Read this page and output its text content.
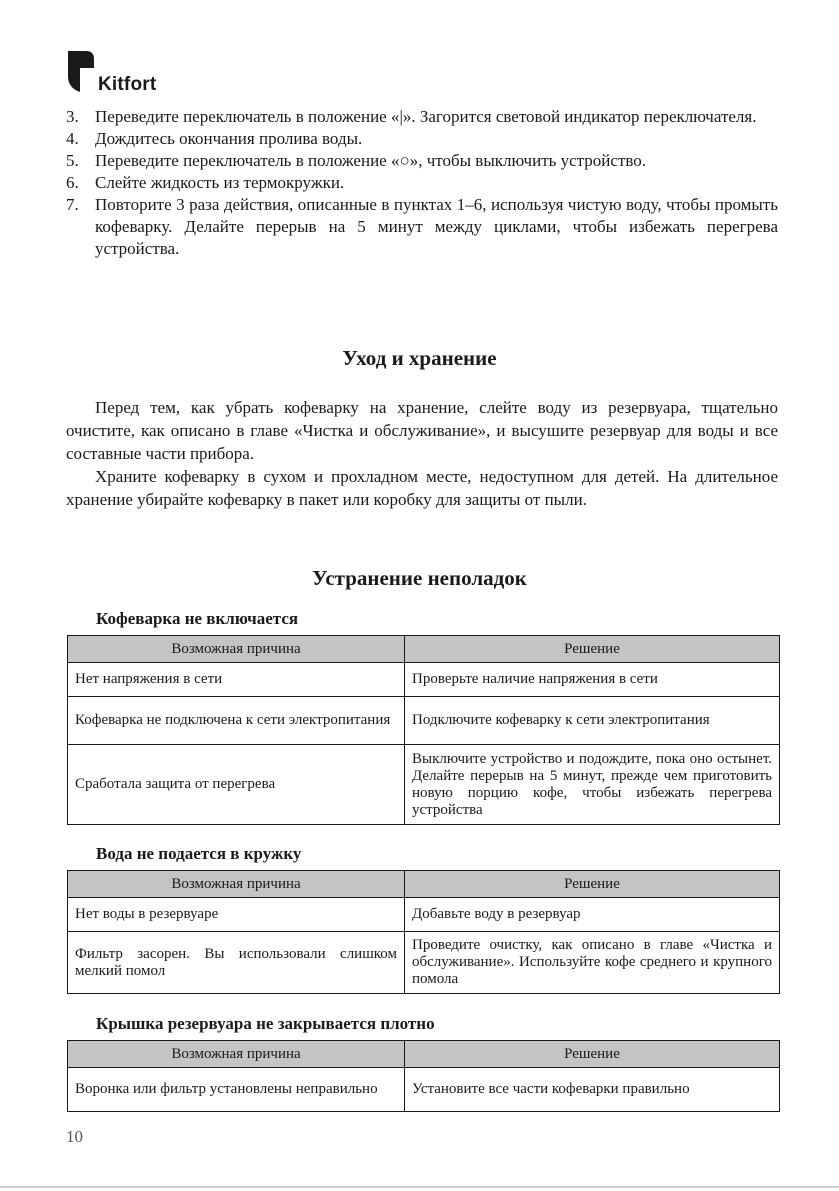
Kitfort
3. Переведите переключатель в положение «|». Загорится световой индикатор переключателя.
4. Дождитесь окончания пролива воды.
5. Переведите переключатель в положение «○», чтобы выключить устройство.
6. Слейте жидкость из термокружки.
7. Повторите 3 раза действия, описанные в пунктах 1–6, используя чистую воду, чтобы промыть кофеварку. Делайте перерыв на 5 минут между циклами, чтобы избежать перегрева устройства.
Уход и хранение

Перед тем, как убрать кофеварку на хранение, слейте воду из резервуара, тщательно очистите, как описано в главе «Чистка и обслуживание», и высушите резервуар для воды и все составные части прибора.

Храните кофеварку в сухом и прохладном месте, недоступном для детей. На длительное хранение убирайте кофеварку в пакет или коробку для защиты от пыли.

Устранение неполадок
Кофеварка не включается
Возможная причина	Решение
Нет напряжения в сети	Проверьте наличие напряжения в сети
Кофеварка не подключена к сети электропитания	Подключите кофеварку к сети электропитания
Сработала защита от перегрева	Выключите устройство и подождите, пока оно остынет. Делайте перерыв на 5 минут, прежде чем приготовить новую порцию кофе, чтобы избежать перегрева устройства
Вода не подается в кружку
Возможная причина	Решение
Нет воды в резервуаре	Добавьте воду в резервуар
Фильтр засорен. Вы использовали слишком мелкий помол	Проведите очистку, как описано в главе «Чистка и обслуживание». Используйте кофе среднего и крупного помола
Крышка резервуара не закрывается плотно
Возможная причина	Решение
Воронка или фильтр установлены неправильно	Установите все части кофеварки правильно
10
